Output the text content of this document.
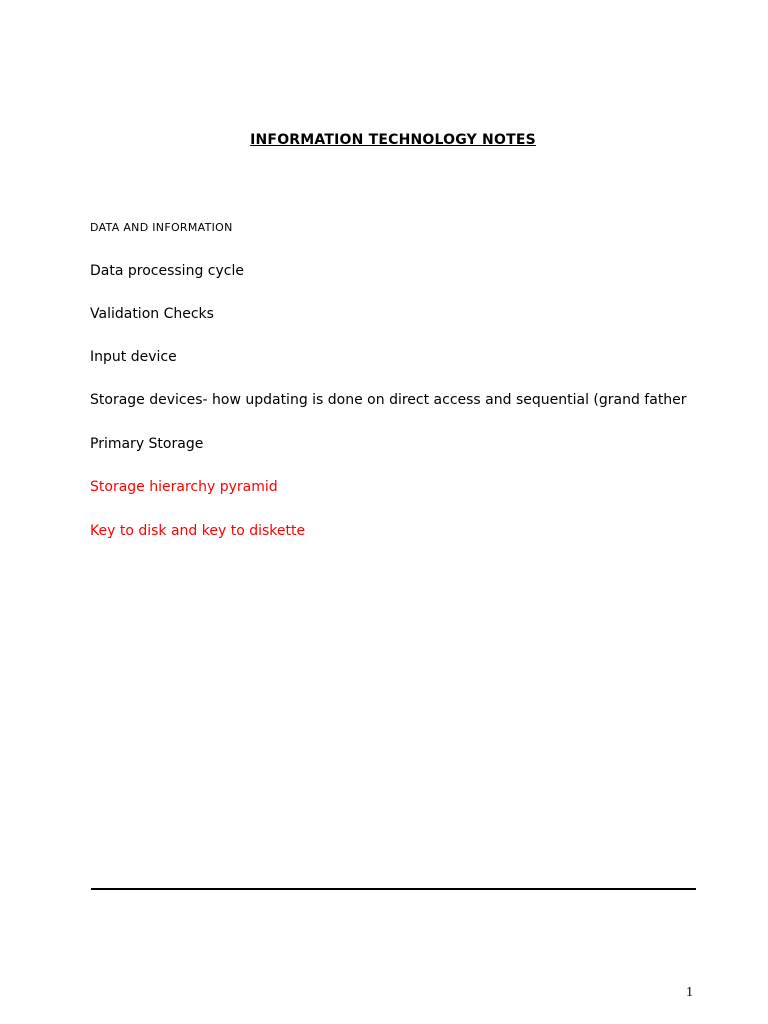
INFORMATION TECHNOLOGY NOTES
DATA AND INFORMATION
Data processing cycle
Validation Checks
Input device
Storage devices- how updating is done on direct access and sequential (grand father
Primary Storage
Storage hierarchy pyramid
Key to disk and key to diskette
1
